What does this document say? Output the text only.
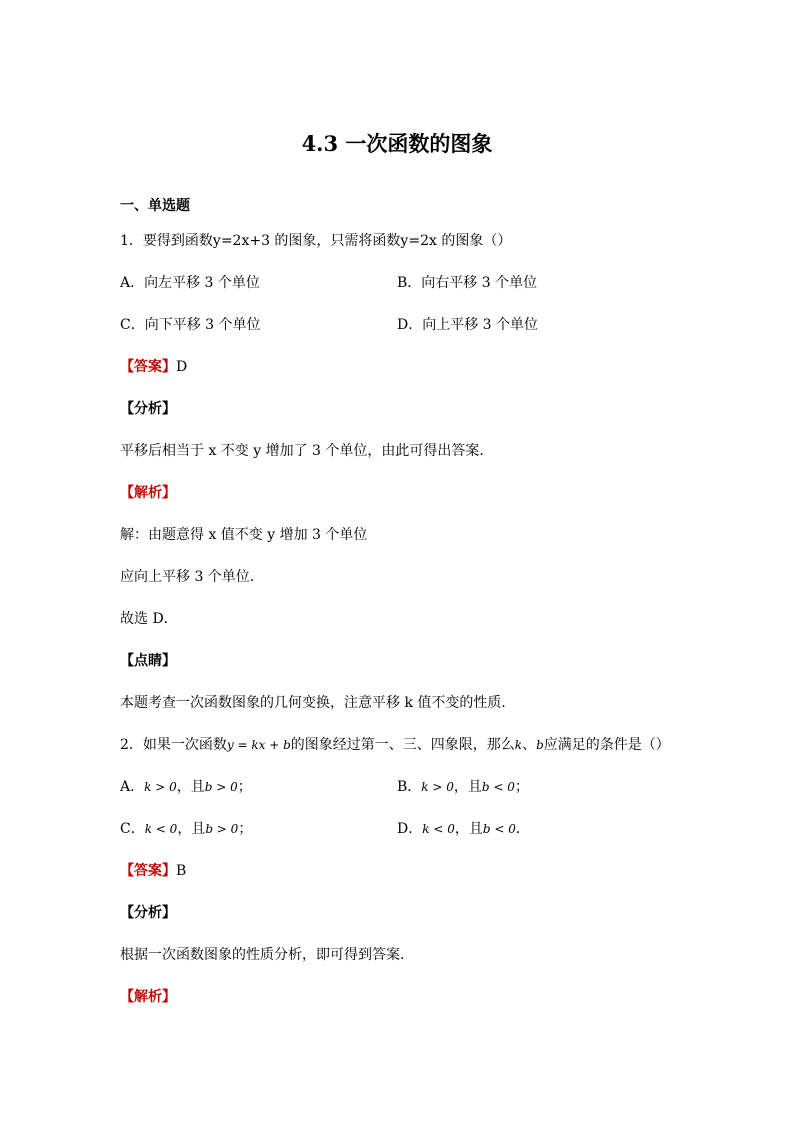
4.3 一次函数的图象
一、单选题
1．要得到函数y=2x+3 的图象，只需将函数y=2x 的图象（）
A．向左平移 3 个单位	B．向右平移 3 个单位
C．向下平移 3 个单位	D．向上平移 3 个单位
【答案】D
【分析】
平移后相当于 x 不变 y 增加了 3 个单位，由此可得出答案．
【解析】
解：由题意得 x 值不变 y 增加 3 个单位
应向上平移 3 个单位．
故选 D．
【点睛】
本题考查一次函数图象的几何变换，注意平移 k 值不变的性质．
2．如果一次函数y = kx + b的图象经过第一、三、四象限，那么k、b应满足的条件是（）
A．k > 0，且b > 0；	B．k > 0，且b < 0；
C．k < 0，且b > 0；	D．k < 0，且b < 0．
【答案】B
【分析】
根据一次函数图象的性质分析，即可得到答案．
【解析】
